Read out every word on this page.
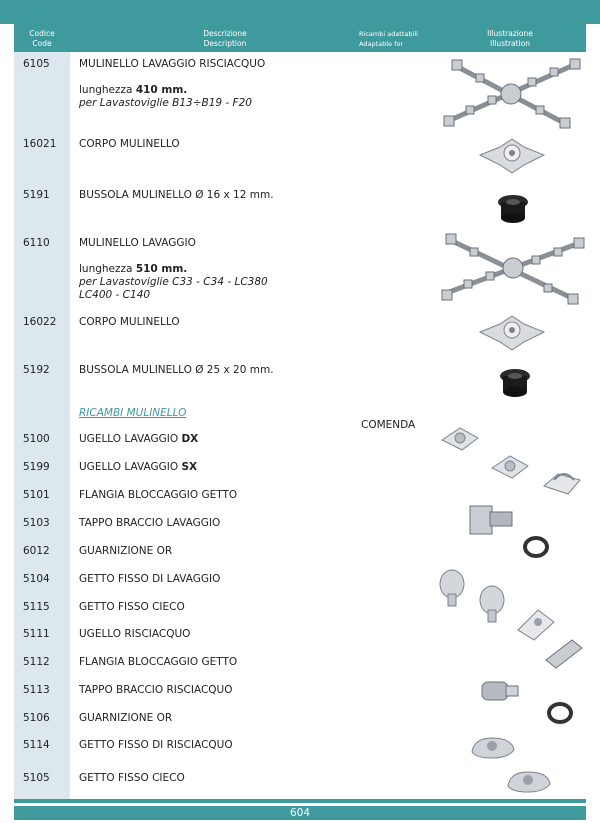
Codice
Code
Descrizione
Description
Ricambi adattabili
Adaptable for
Illustrazione
Illustration
6105	MULINELLO LAVAGGIO RISCIACQUO
lunghezza 410 mm.
per Lavastoviglie B13÷B19 - F20
16021 CORPO MULINELLO
5191	BUSSOLA MULINELLO Ø 16 x 12 mm.
6110	MULINELLO LAVAGGIO
lunghezza 510 mm.
per Lavastoviglie C33 - C34 - LC380
LC400 - C140
16022 CORPO MULINELLO
5192	BUSSOLA MULINELLO Ø 25 x 20 mm.
5100	UGELLO LAVAGGIO DX
5199	UGELLO LAVAGGIO SX
5101	FLANGIA BLOCCAGGIO GETTO
5103	TAPPO BRACCIO LAVAGGIO
6012	GUARNIZIONE OR
5104	GETTO FISSO DI LAVAGGIO
5115	GETTO FISSO CIECO
5111	UGELLO RISCIACQUO
5112	FLANGIA BLOCCAGGIO GETTO
5113	TAPPO BRACCIO RISCIACQUO
5106	GUARNIZIONE OR
5114	GETTO FISSO DI RISCIACQUO
5105	GETTO FISSO CIECO
RICAMBI MULINELLO
COMENDA
604
